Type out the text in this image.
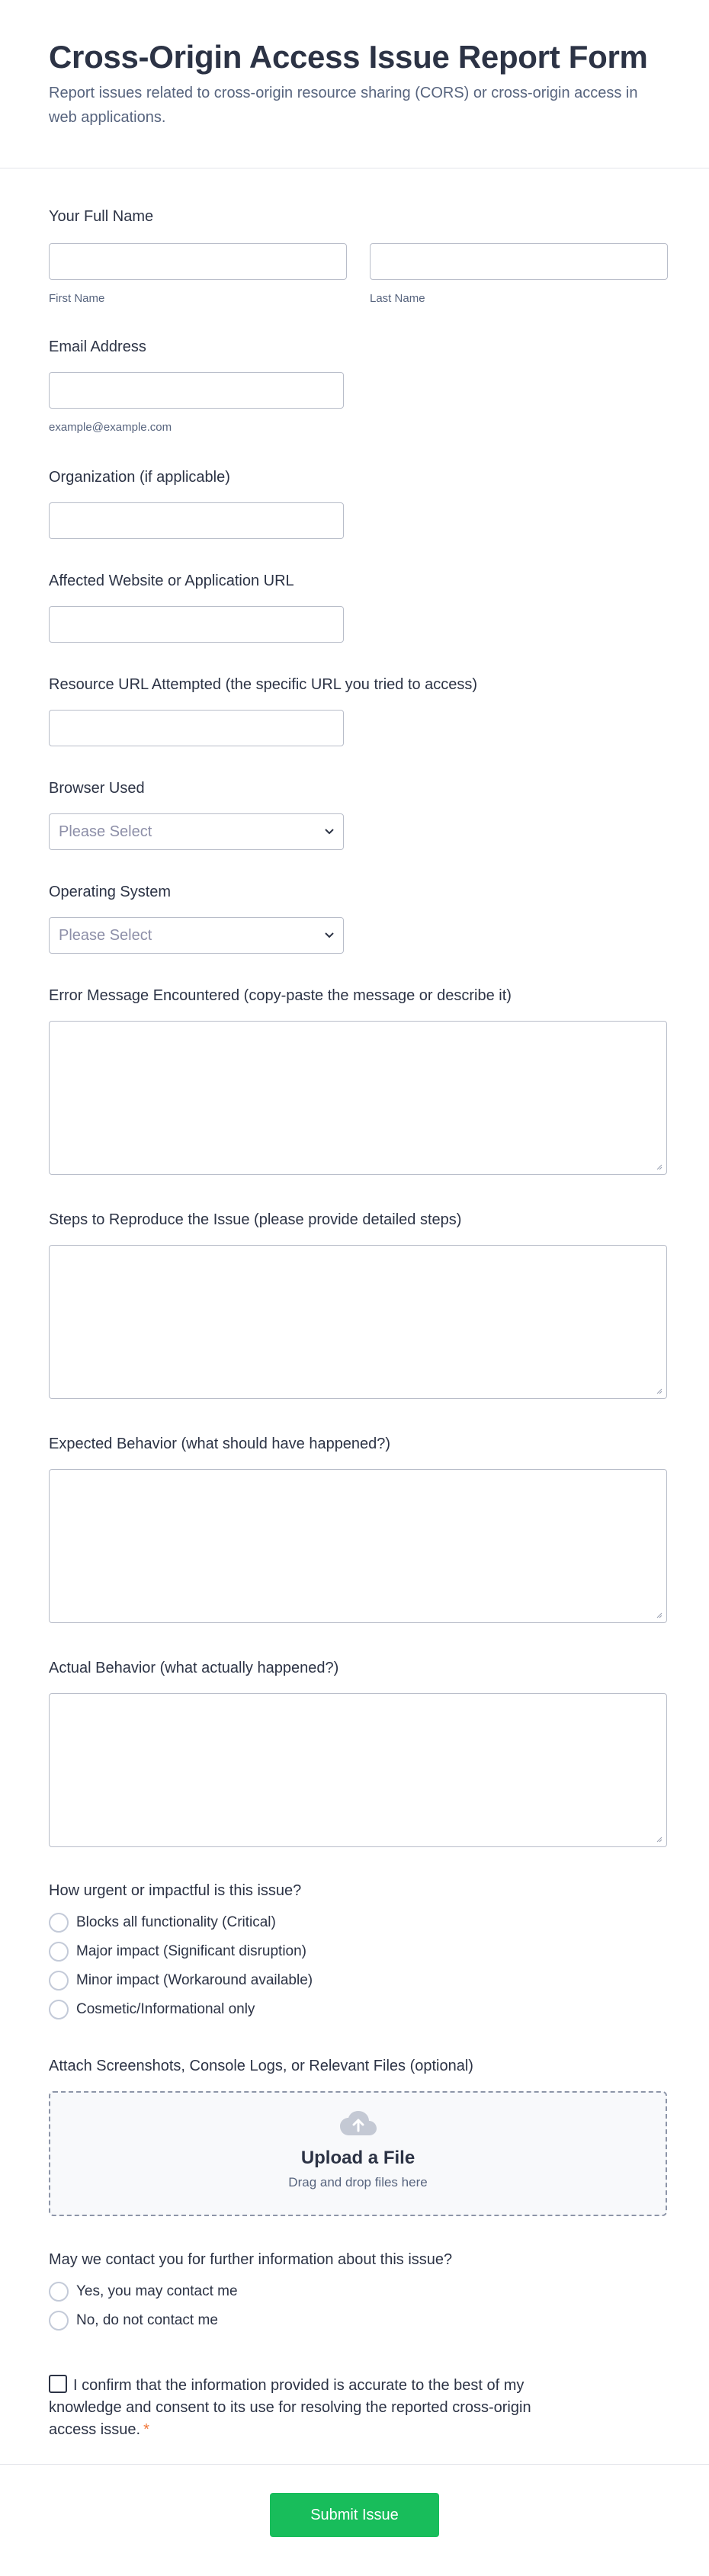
Cross-Origin Access Issue Report Form

Report issues related to cross-origin resource sharing (CORS) or cross-origin access in web applications.

Your Full Name
First Name	Last Name
Email Address
example@example.com
Organization (if applicable)
Affected Website or Application URL
Resource URL Attempted (the specific URL you tried to access)
Browser Used
Please Select
Operating System
Please Select
Error Message Encountered (copy-paste the message or describe it)
Steps to Reproduce the Issue (please provide detailed steps)
Expected Behavior (what should have happened?)
Actual Behavior (what actually happened?)
How urgent or impactful is this issue?
Blocks all functionality (Critical)
Major impact (Significant disruption)
Minor impact (Workaround available)
Cosmetic/Informational only
Attach Screenshots, Console Logs, or Relevant Files (optional)
Upload a File
Drag and drop files here
May we contact you for further information about this issue?
Yes, you may contact me
No, do not contact me
I confirm that the information provided is accurate to the best of my knowledge and consent to its use for resolving the reported cross-origin access issue. *
Submit Issue
